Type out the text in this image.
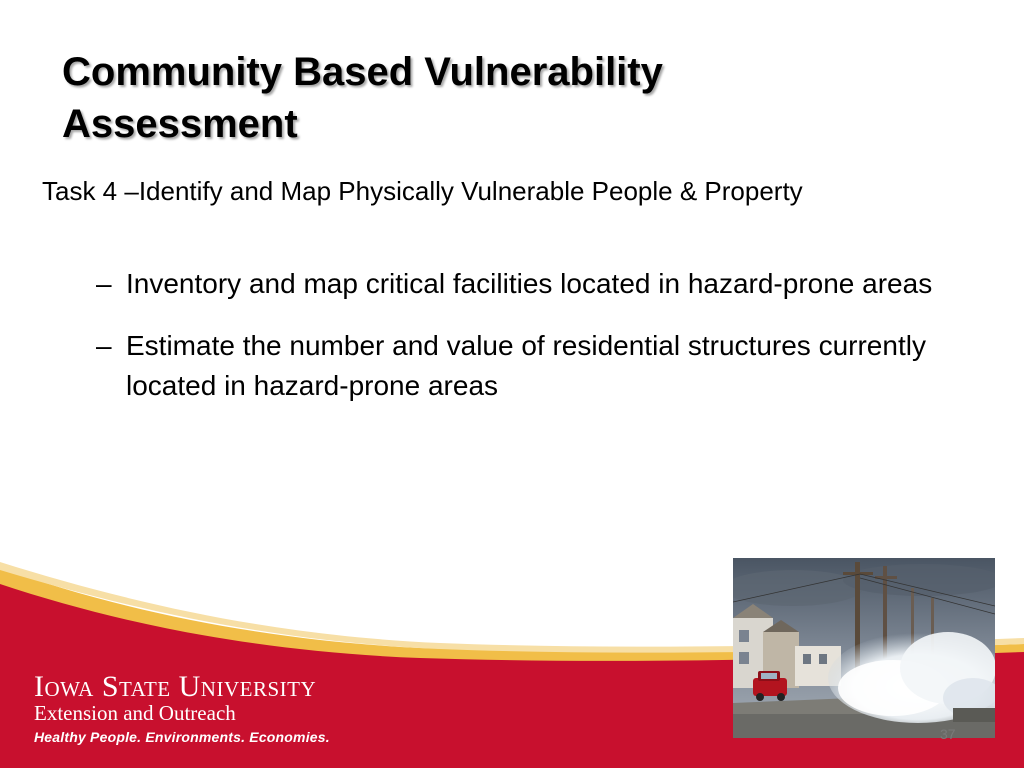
Community Based Vulnerability
Assessment

Task 4 –Identify and Map Physically Vulnerable People & Property

– Inventory and map critical facilities located in hazard-prone areas
– Estimate the number and value of residential structures currently located in hazard-prone areas
Iowa State University
Extension and Outreach
Healthy People. Environments. Economies.	37
